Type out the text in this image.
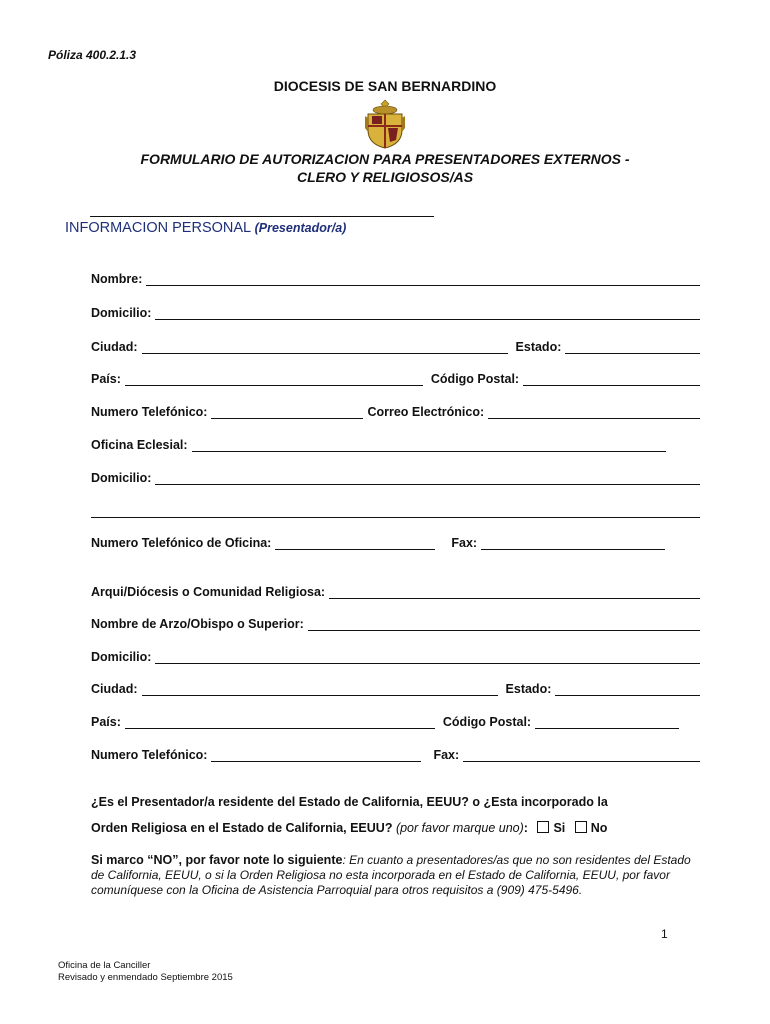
Póliza 400.2.1.3
DIOCESIS DE SAN BERNARDINO
FORMULARIO DE AUTORIZACION PARA PRESENTADORES EXTERNOS -
CLERO Y RELIGIOSOS/AS
INFORMACION PERSONAL (Presentador/a)
Nombre:
Domicilio:
Ciudad:	Estado:
País:	Código Postal:
Numero Telefónico:	Correo Electrónico:
Oficina Eclesial:
Domicilio:
Numero Telefónico de Oficina:	Fax:
Arqui/Diócesis o Comunidad Religiosa:
Nombre de Arzo/Obispo o Superior:
Domicilio:
Ciudad:	Estado:
País:	Código Postal:
Numero Telefónico:	Fax:
¿Es el Presentador/a residente del Estado de California, EEUU? o ¿Esta incorporado la
Orden Religiosa en el Estado de California, EEUU? (por favor marque uno): Si No
Si marco “NO”, por favor note lo siguiente: En cuanto a presentadores/as que no son residentes del Estado de California, EEUU, o si la Orden Religiosa no esta incorporada en el Estado de California, EEUU, por favor comuníquese con la Oficina de Asistencia Parroquial para otros requisitos a (909) 475-5496.
1
Oficina de la Canciller
Revisado y enmendado Septiembre 2015
